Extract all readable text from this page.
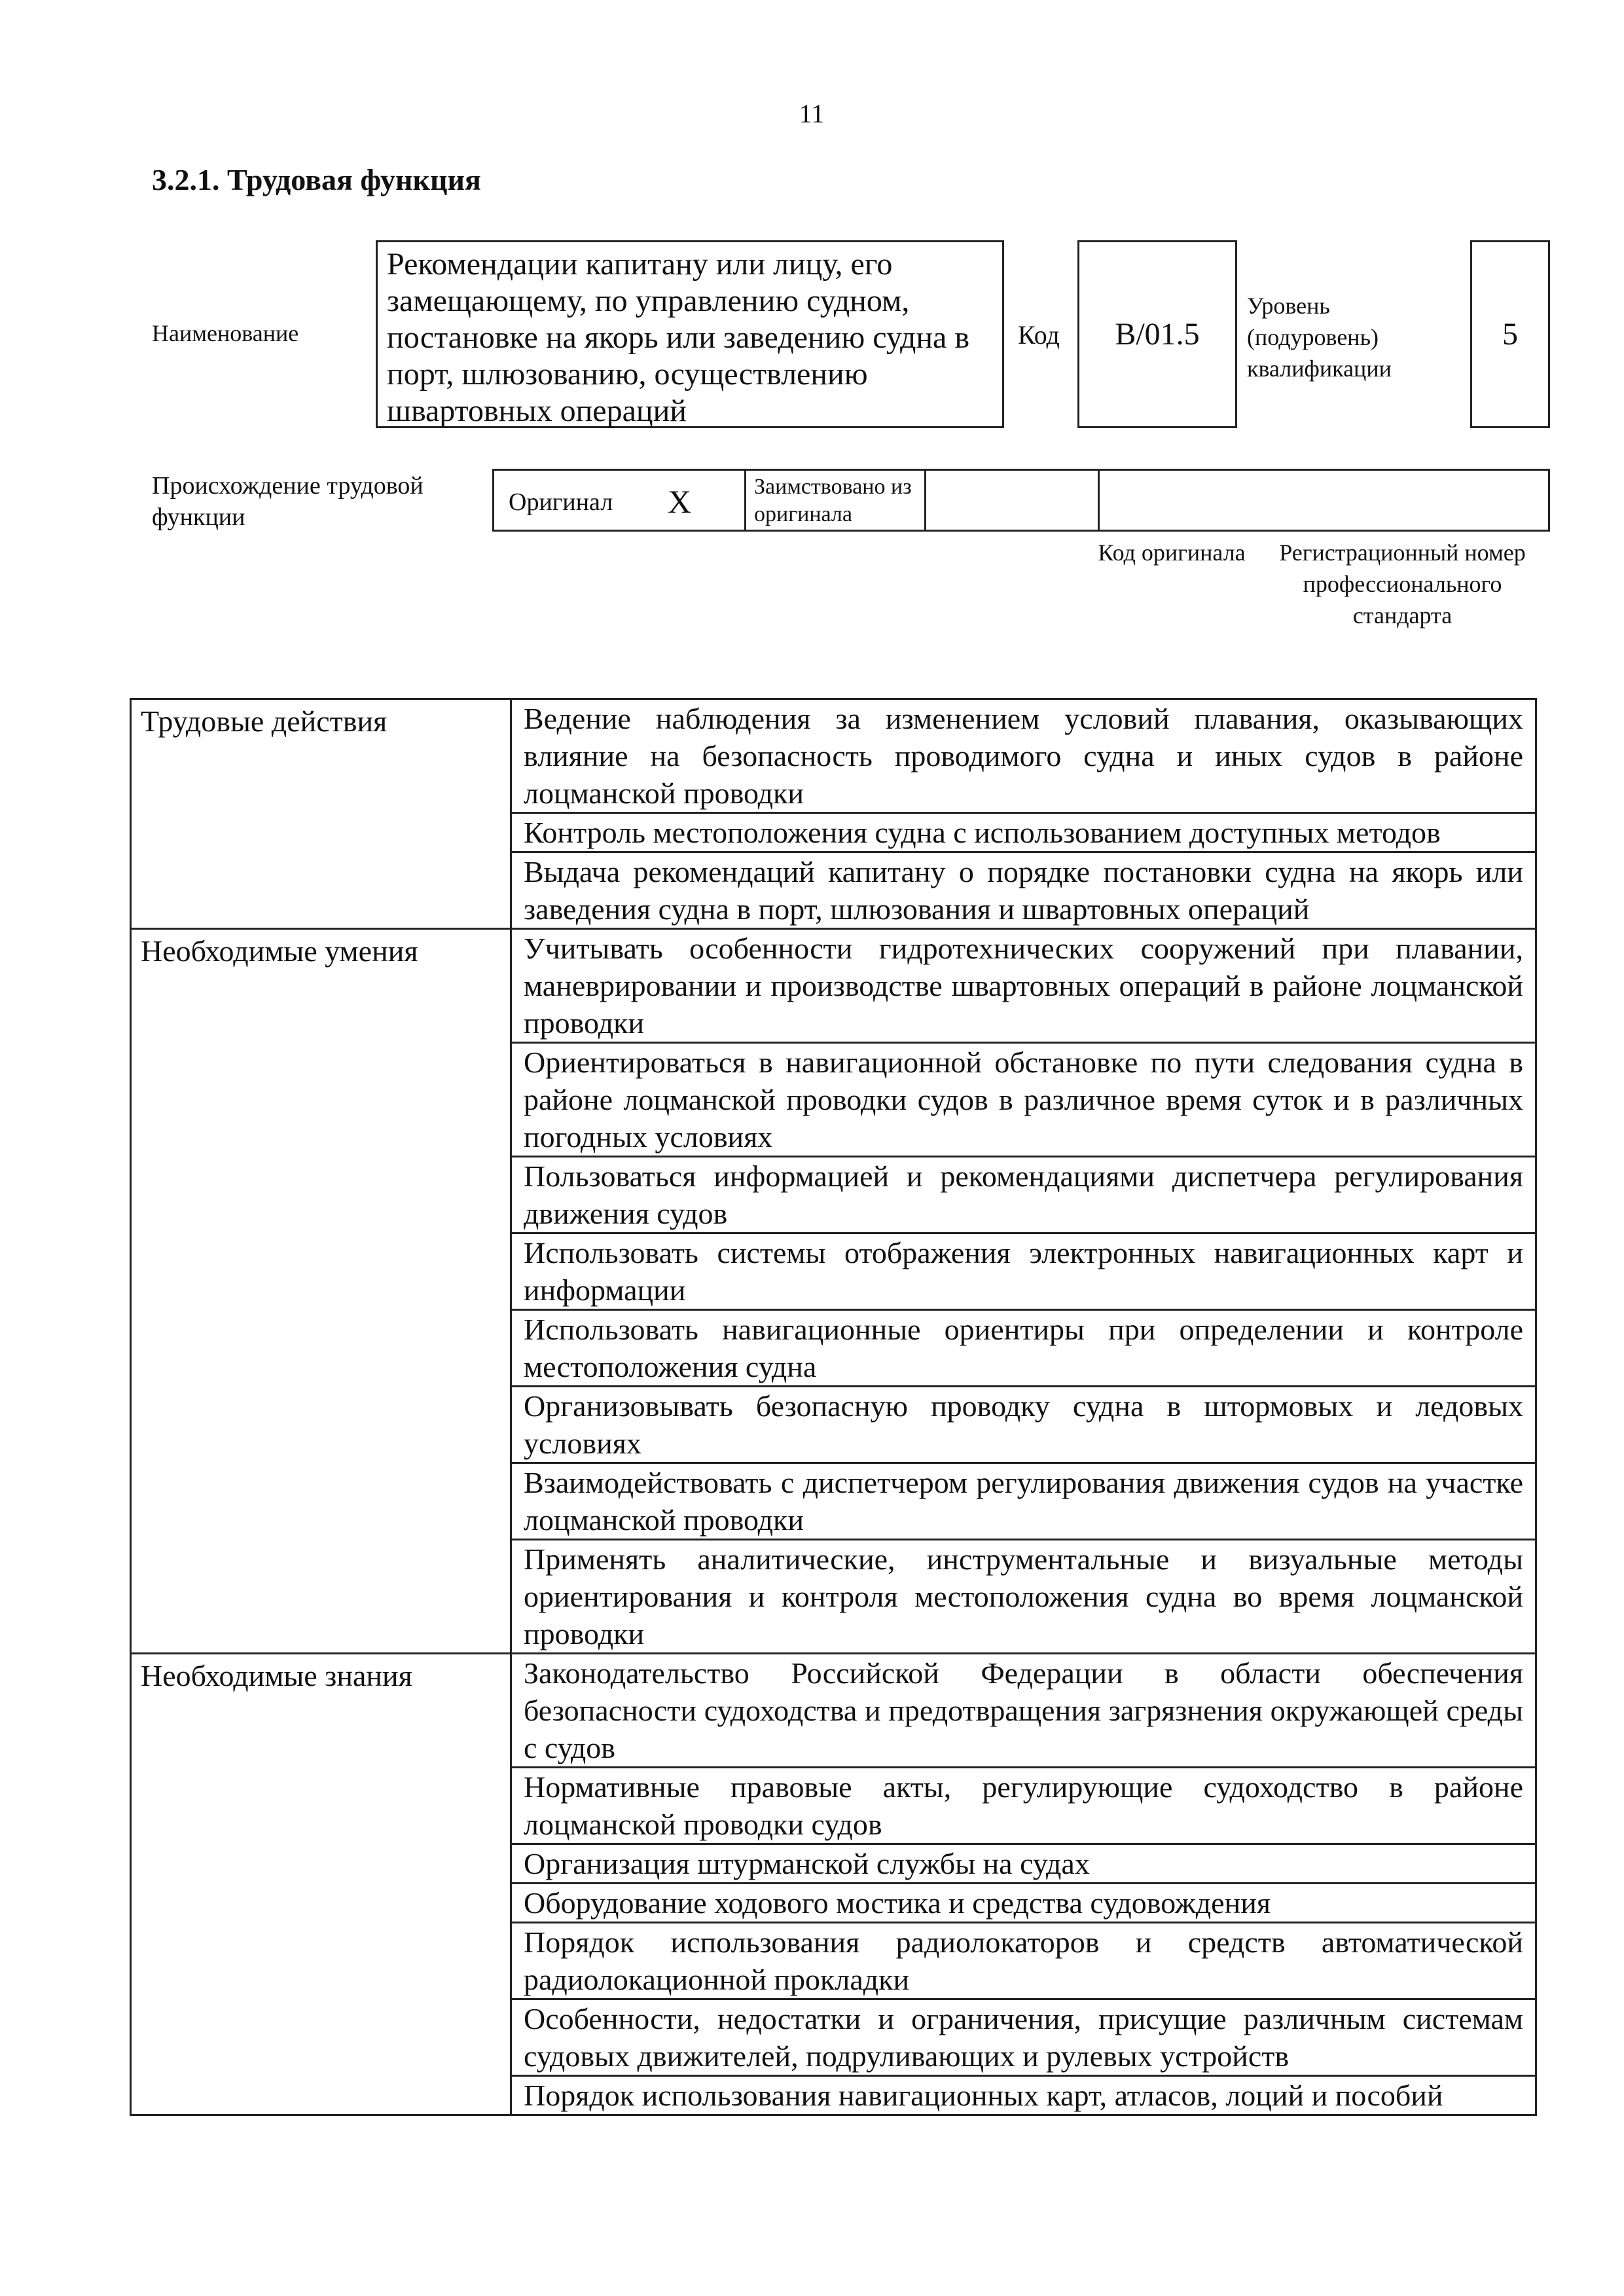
11
3.2.1. Трудовая функция
Наименование
Рекомендации капитану или лицу, его замещающему, по управлению судном, постановке на якорь или заведению судна в порт, шлюзованию, осуществлению швартовных операций
Код B/01.5
Уровень (подуровень) квалификации
5
Происхождение трудовой функции
Оригинал X	Заимствовано из оригинала
Код оригинала	Регистрационный номер профессионального стандарта
Трудовые действия	Ведение наблюдения за изменением условий плавания, оказывающих влияние на безопасность проводимого судна и иных судов в районе лоцманской проводки
	Контроль местоположения судна с использованием доступных методов
	Выдача рекомендаций капитану о порядке постановки судна на якорь или заведения судна в порт, шлюзования и швартовных операций
Необходимые умения	Учитывать особенности гидротехнических сооружений при плавании, маневрировании и производстве швартовных операций в районе лоцманской проводки
	Ориентироваться в навигационной обстановке по пути следования судна в районе лоцманской проводки судов в различное время суток и в различных погодных условиях
	Пользоваться информацией и рекомендациями диспетчера регулирования движения судов
	Использовать системы отображения электронных навигационных карт и информации
	Использовать навигационные ориентиры при определении и контроле местоположения судна
	Организовывать безопасную проводку судна в штормовых и ледовых условиях
	Взаимодействовать с диспетчером регулирования движения судов на участке лоцманской проводки
	Применять аналитические, инструментальные и визуальные методы ориентирования и контроля местоположения судна во время лоцманской проводки
Необходимые знания	Законодательство Российской Федерации в области обеспечения безопасности судоходства и предотвращения загрязнения окружающей среды с судов
	Нормативные правовые акты, регулирующие судоходство в районе лоцманской проводки судов
	Организация штурманской службы на судах
	Оборудование ходового мостика и средства судовождения
	Порядок использования радиолокаторов и средств автоматической радиолокационной прокладки
	Особенности, недостатки и ограничения, присущие различным системам судовых движителей, подруливающих и рулевых устройств
	Порядок использования навигационных карт, атласов, лоций и пособий
